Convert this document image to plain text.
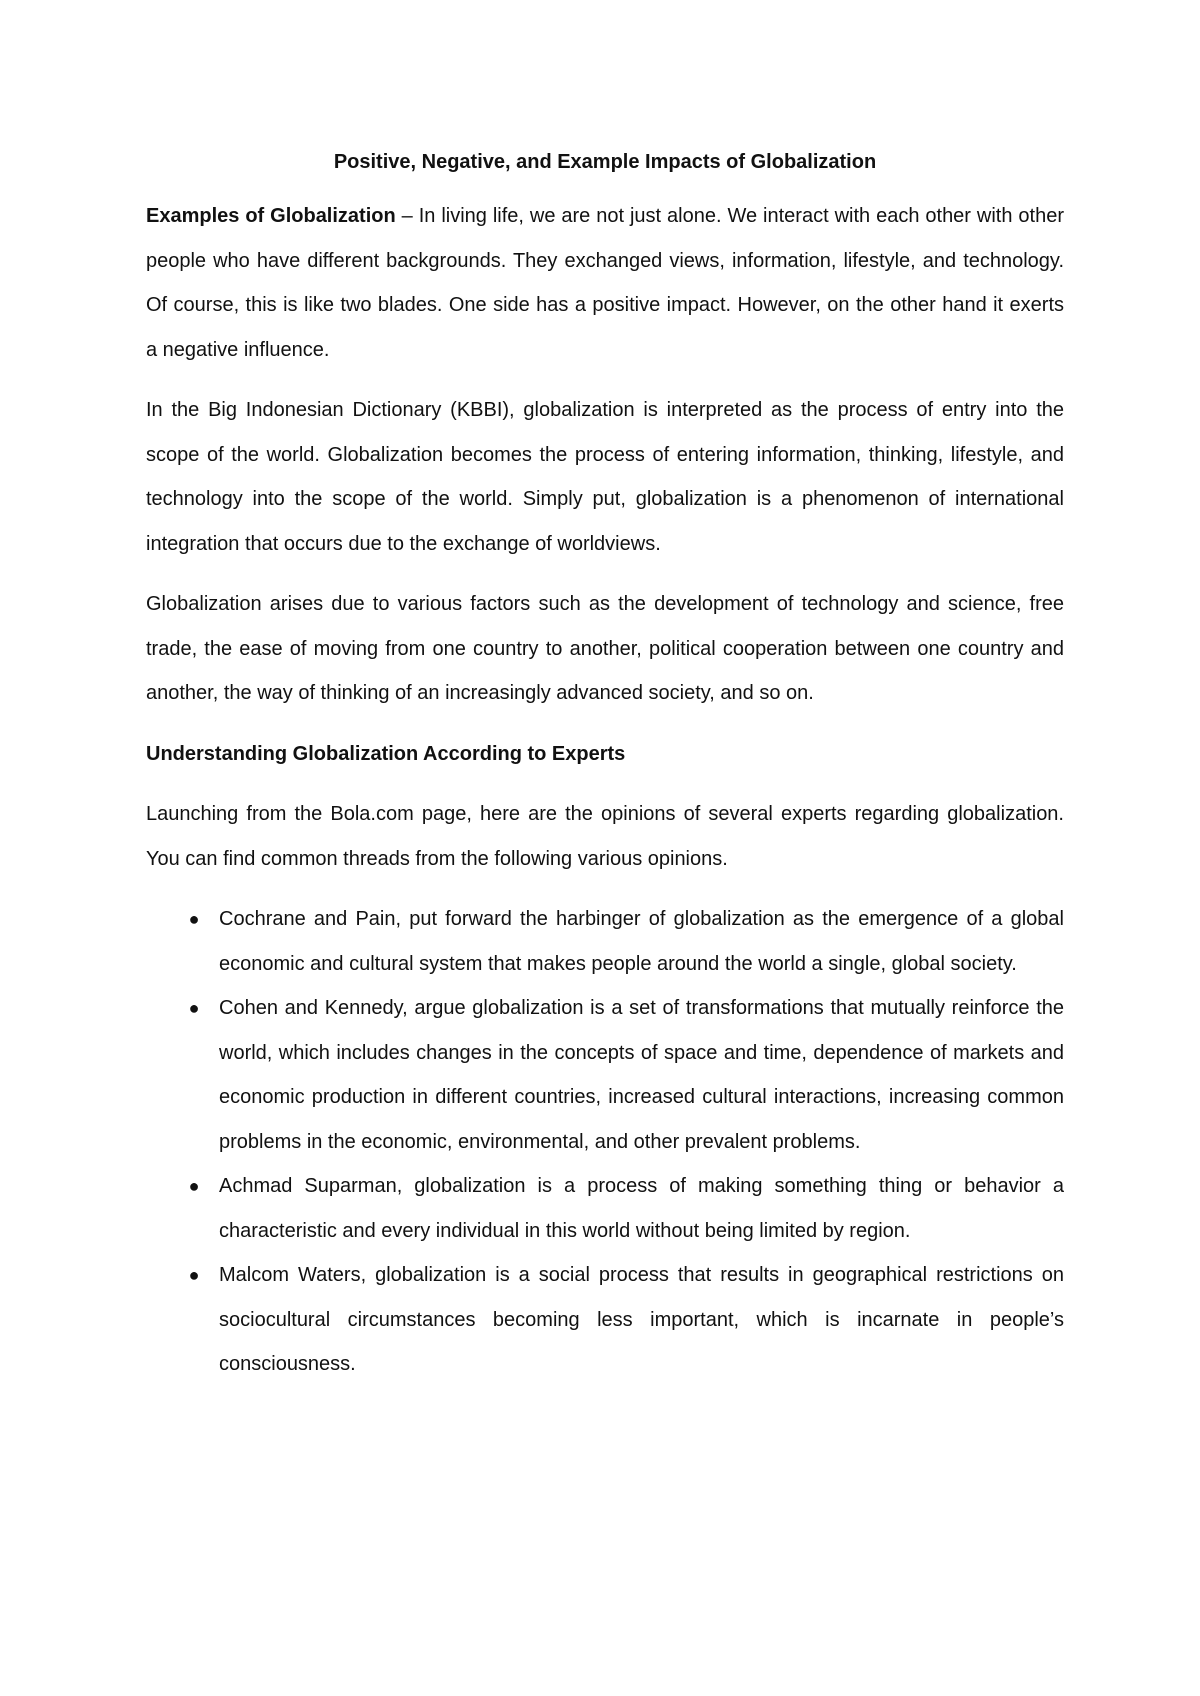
Positive, Negative, and Example Impacts of Globalization

Examples of Globalization – In living life, we are not just alone. We interact with each other with other people who have different backgrounds. They exchanged views, information, lifestyle, and technology. Of course, this is like two blades. One side has a positive impact. However, on the other hand it exerts a negative influence.

In the Big Indonesian Dictionary (KBBI), globalization is interpreted as the process of entry into the scope of the world. Globalization becomes the process of entering information, thinking, lifestyle, and technology into the scope of the world. Simply put, globalization is a phenomenon of international integration that occurs due to the exchange of worldviews.

Globalization arises due to various factors such as the development of technology and science, free trade, the ease of moving from one country to another, political cooperation between one country and another, the way of thinking of an increasingly advanced society, and so on.

Understanding Globalization According to Experts

Launching from the Bola.com page, here are the opinions of several experts regarding globalization. You can find common threads from the following various opinions.

● Cochrane and Pain, put forward the harbinger of globalization as the emergence of a global economic and cultural system that makes people around the world a single, global society.
● Cohen and Kennedy, argue globalization is a set of transformations that mutually reinforce the world, which includes changes in the concepts of space and time, dependence of markets and economic production in different countries, increased cultural interactions, increasing common problems in the economic, environmental, and other prevalent problems.
● Achmad Suparman, globalization is a process of making something thing or behavior a characteristic and every individual in this world without being limited by region.
● Malcom Waters, globalization is a social process that results in geographical restrictions on sociocultural circumstances becoming less important, which is incarnate in people’s consciousness.
